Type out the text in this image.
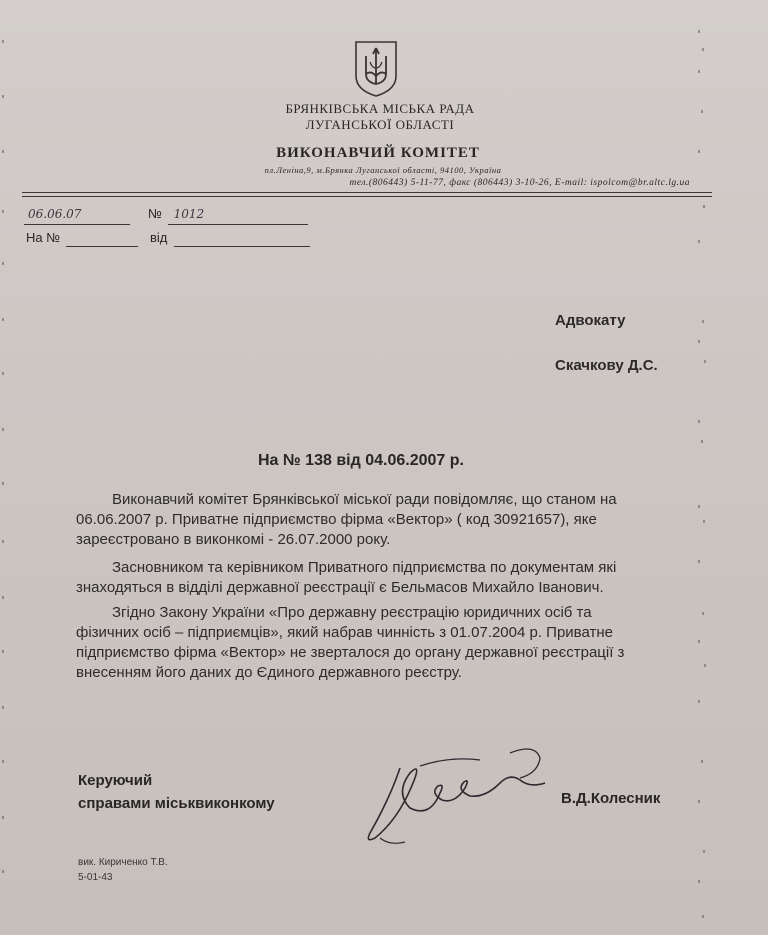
БРЯНКІВСЬКА МІСЬКА РАДА
ЛУГАНСЬКОЇ ОБЛАСТІ
ВИКОНАВЧИЙ КОМІТЕТ
пл.Леніна,9, м.Брянка Луганської області, 94100, Україна
тел.(806443) 5-11-77, факс (806443) 3-10-26, E-mail: ispolcom@br.altc.lg.ua
06.06.07	№ 1012
На №	від
Адвокату
Скачкову Д.С.
На № 138 від 04.06.2007 р.
Виконавчий комітет Брянківської міської ради повідомляє, що станом на
06.06.2007 р. Приватне підприємство фірма «Вектор» ( код 30921657), яке
зареєстровано в виконкомі - 26.07.2000 року.
Засновником та керівником Приватного підприємства по документам які
знаходяться в відділі державної реєстрації є Бельмасов Михайло Іванович.
Згідно Закону України «Про державну реєстрацію юридичних осіб та
фізичних осіб – підприємців», який набрав чинність з 01.07.2004 р. Приватне
підприємство фірма «Вектор» не зверталося до органу державної реєстрації з
внесенням його даних до Єдиного державного реєстру.
Керуючий
справами міськвиконкому	В.Д.Колесник
вик. Кириченко Т.В.
5-01-43
